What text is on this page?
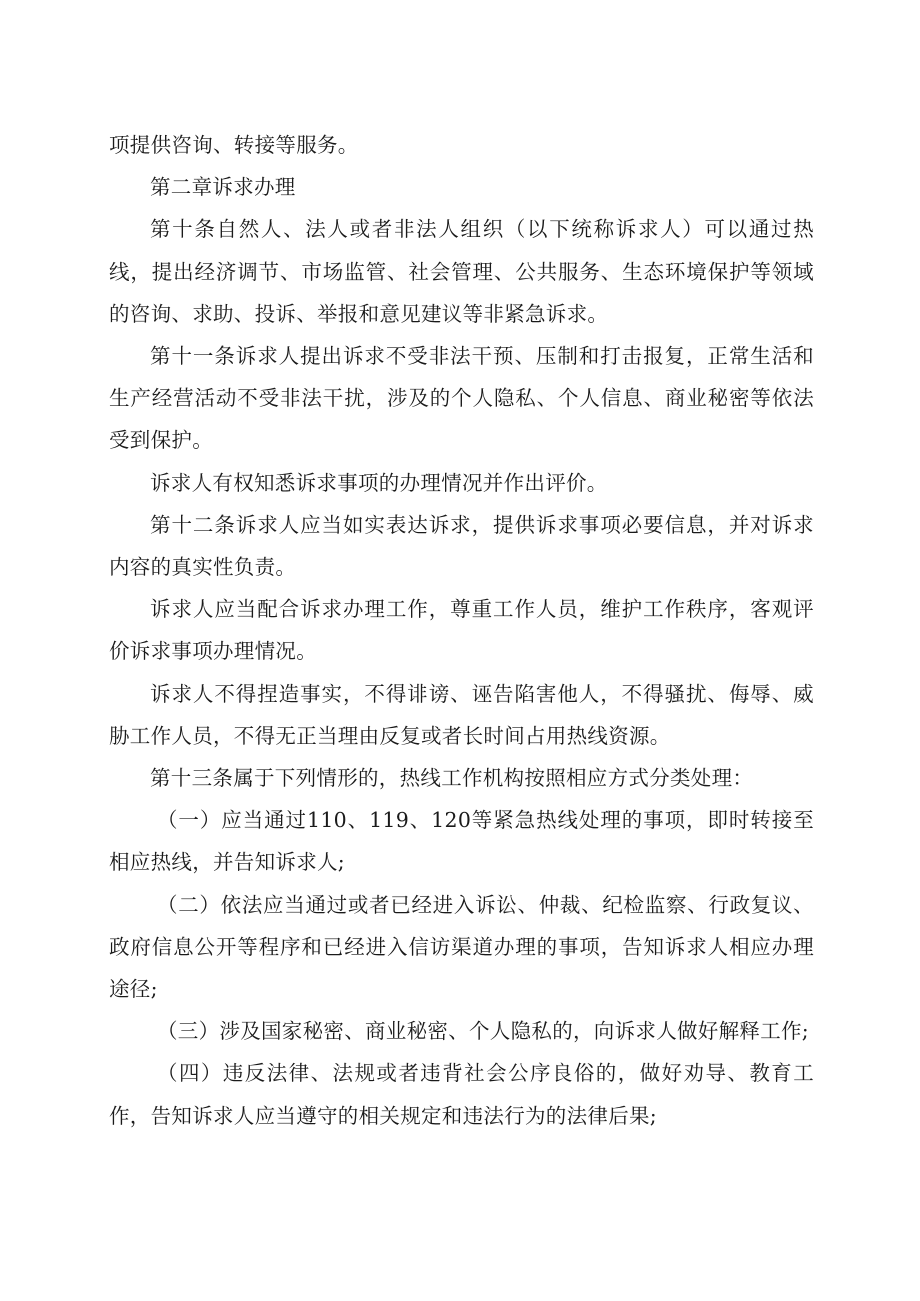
项提供咨询、转接等服务。

第二章诉求办理

第十条自然人、法人或者非法人组织（以下统称诉求人）可以通过热线，提出经济调节、市场监管、社会管理、公共服务、生态环境保护等领域的咨询、求助、投诉、举报和意见建议等非紧急诉求。

第十一条诉求人提出诉求不受非法干预、压制和打击报复，正常生活和生产经营活动不受非法干扰，涉及的个人隐私、个人信息、商业秘密等依法受到保护。

诉求人有权知悉诉求事项的办理情况并作出评价。

第十二条诉求人应当如实表达诉求，提供诉求事项必要信息，并对诉求内容的真实性负责。

诉求人应当配合诉求办理工作，尊重工作人员，维护工作秩序，客观评价诉求事项办理情况。

诉求人不得捏造事实，不得诽谤、诬告陷害他人，不得骚扰、侮辱、威胁工作人员，不得无正当理由反复或者长时间占用热线资源。

第十三条属于下列情形的，热线工作机构按照相应方式分类处理：

（一）应当通过110、119、120等紧急热线处理的事项，即时转接至相应热线，并告知诉求人;

（二）依法应当通过或者已经进入诉讼、仲裁、纪检监察、行政复议、政府信息公开等程序和已经进入信访渠道办理的事项，告知诉求人相应办理途径;

（三）涉及国家秘密、商业秘密、个人隐私的，向诉求人做好解释工作;

（四）违反法律、法规或者违背社会公序良俗的，做好劝导、教育工作，告知诉求人应当遵守的相关规定和违法行为的法律后果;
